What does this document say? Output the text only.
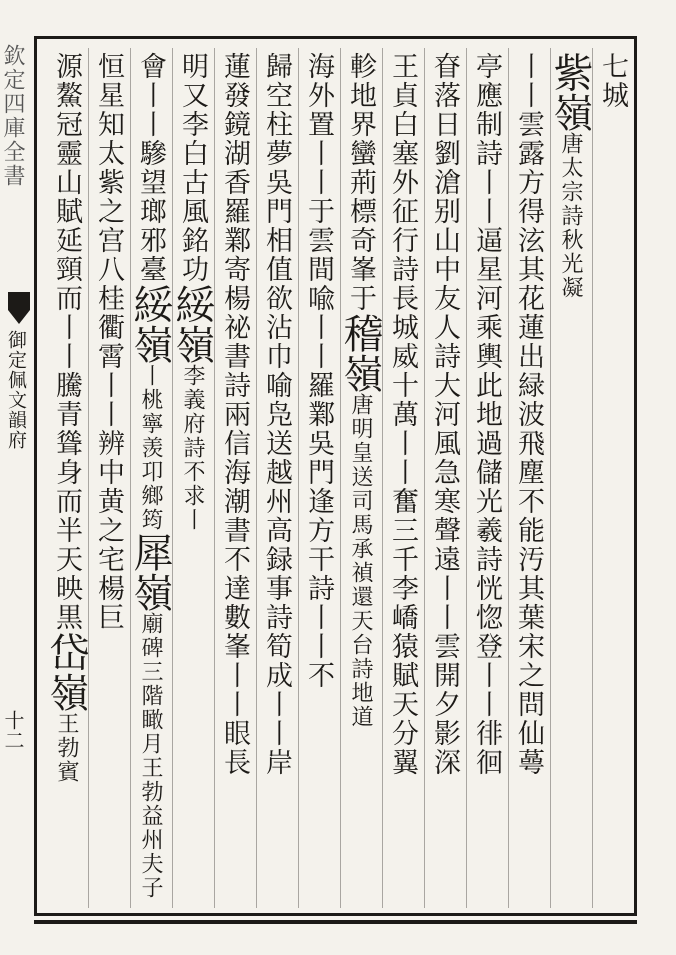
欽定四庫全書
御定佩文韻府
十二
七城
紫嶺唐太宗詩秋光凝
丨丨雲露方得泫其花蓮出緑波飛塵不能汚其葉宋之問仙蕚
亭應制詩丨丨逼星河乘輿此地過儲光羲詩恍惚登丨丨徘徊
眘落日劉滄别山中友人詩大河風急寒聲遠丨丨雲開夕影深
王貞白塞外征行詩長城威十萬丨丨奮三千李嶠猿賦天分翼
軫地界蠻荊標奇峯于稽嶺唐明皇送司馬承禎還天台詩地道
海外置丨丨于雲間喩丨丨羅鄴吳門逢方干詩丨丨不
歸空柱夢吳門相值欲沾巾喻凫送越州高録事詩筍成丨丨岸
蓮發鏡湖香羅鄴寄楊祕書詩兩信海潮書不達數峯丨丨眼長
明又李白古風銘功綏嶺李義府詩不求丨
會丨丨驂望瑯邪臺綏嶺丨桃寧羡卭鄉筠犀嶺廟碑三階瞰月王勃益州夫子
恒星知太紫之宫八桂衢霄丨丨辨中黄之宅楊巨
源鰲冠靈山賦延頸而丨丨騰青聳身而半天映黒岱嶺王勃賓
